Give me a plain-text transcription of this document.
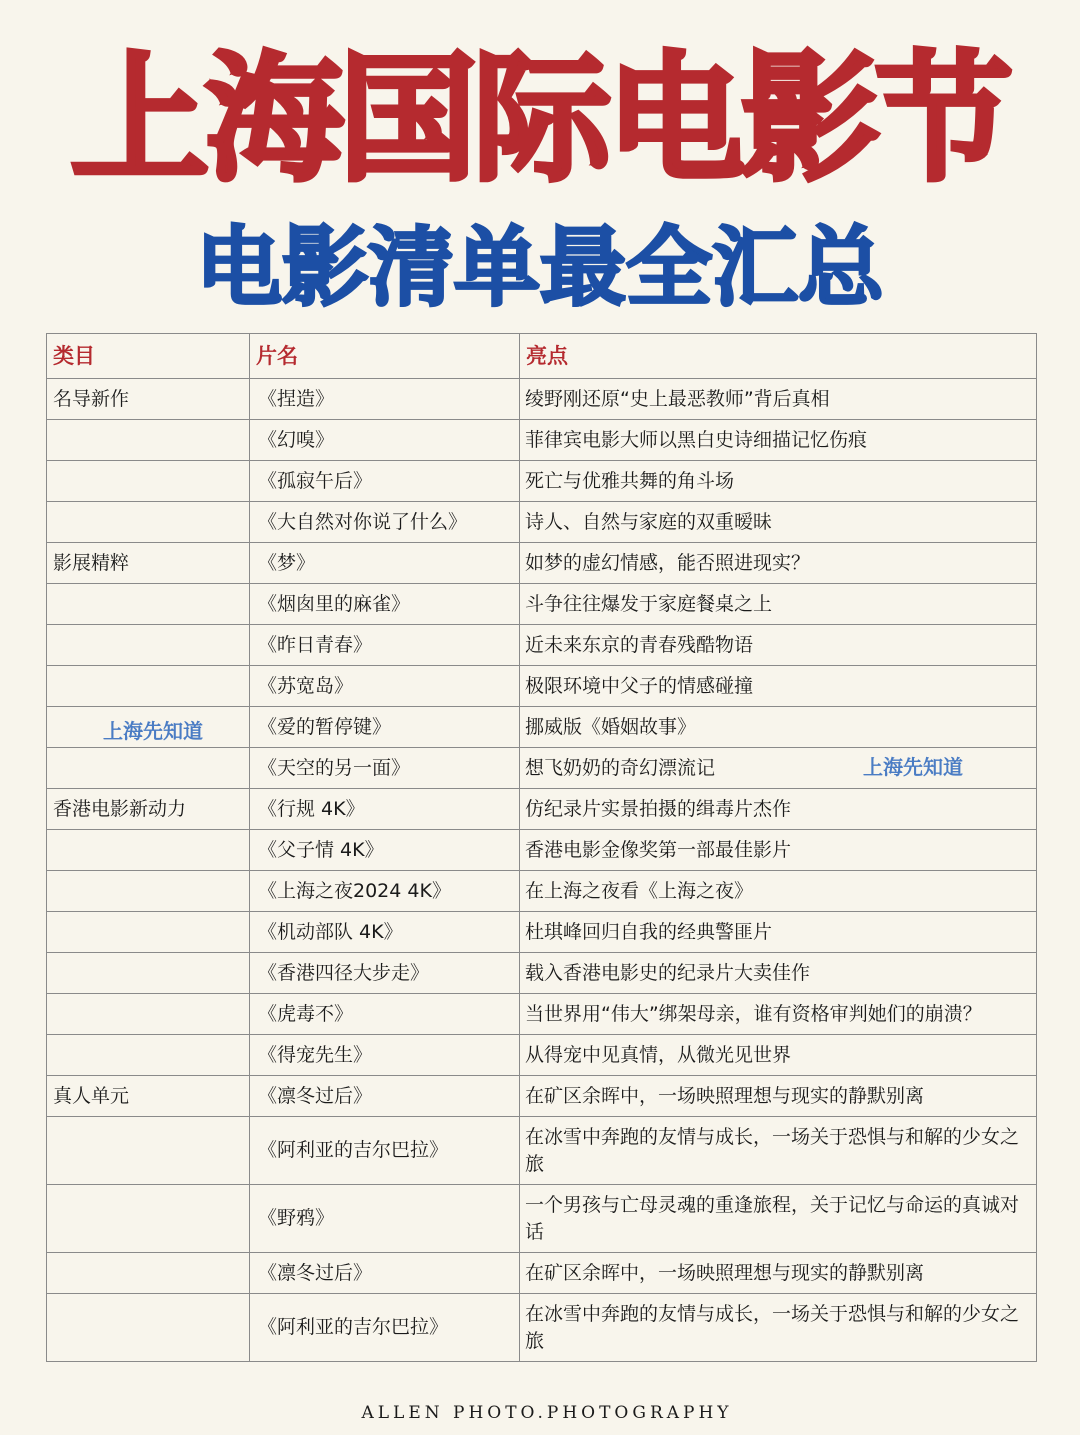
上海国际电影节
电影清单最全汇总
类目	片名	亮点
名导新作	《捏造》	绫野刚还原“史上最恶教师”背后真相
	《幻嗅》	菲律宾电影大师以黑白史诗细描记忆伤痕
	《孤寂午后》	死亡与优雅共舞的角斗场
	《大自然对你说了什么》	诗人、自然与家庭的双重暧昧
影展精粹	《梦》	如梦的虚幻情感，能否照进现实？
	《烟囱里的麻雀》	斗争往往爆发于家庭餐桌之上
	《昨日青春》	近未来东京的青春残酷物语
	《苏宽岛》	极限环境中父子的情感碰撞
	《爱的暂停键》	挪威版《婚姻故事》
	《天空的另一面》	想飞奶奶的奇幻漂流记
香港电影新动力	《行规 4K》	仿纪录片实景拍摄的缉毒片杰作
	《父子情 4K》	香港电影金像奖第一部最佳影片
	《上海之夜2024 4K》	在上海之夜看《上海之夜》
	《机动部队 4K》	杜琪峰回归自我的经典警匪片
	《香港四径大步走》	载入香港电影史的纪录片大卖佳作
	《虎毒不》	当世界用“伟大”绑架母亲，谁有资格审判她们的崩溃？
	《得宠先生》	从得宠中见真情，从微光见世界
真人单元	《凛冬过后》	在矿区余晖中，一场映照理想与现实的静默别离
	《阿利亚的吉尔巴拉》	在冰雪中奔跑的友情与成长，一场关于恐惧与和解的少女之旅
	《野鸦》	一个男孩与亡母灵魂的重逢旅程，关于记忆与命运的真诚对话
	《凛冬过后》	在矿区余晖中，一场映照理想与现实的静默别离
	《阿利亚的吉尔巴拉》	在冰雪中奔跑的友情与成长，一场关于恐惧与和解的少女之旅
上海先知道
上海先知道
ALLEN PHOTO.PHOTOGRAPHY
